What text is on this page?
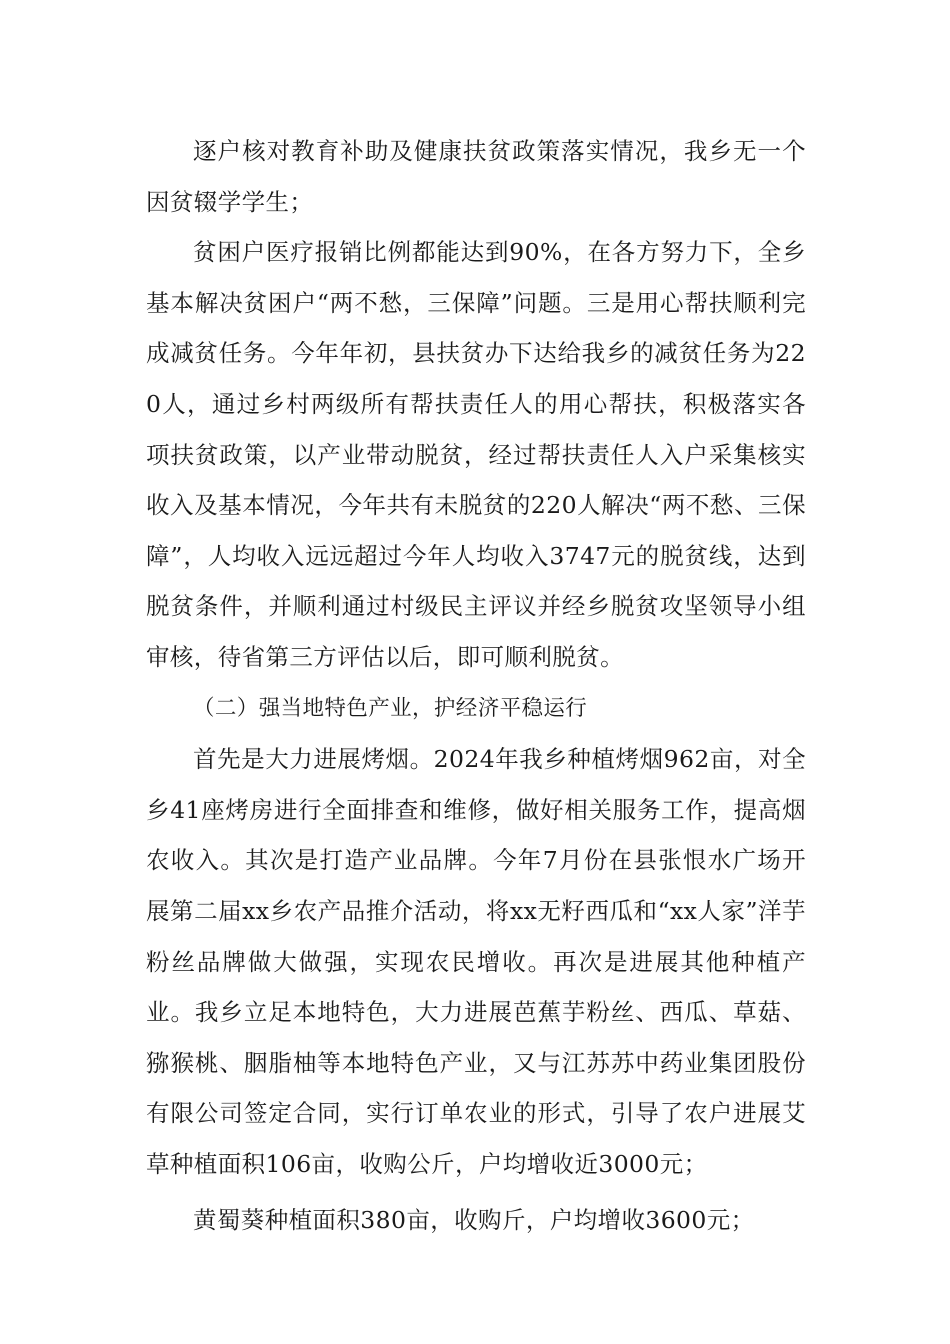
逐户核对教育补助及健康扶贫政策落实情况，我乡无一个因贫辍学学生；

贫困户医疗报销比例都能达到90%，在各方努力下，全乡基本解决贫困户“两不愁，三保障”问题。三是用心帮扶顺利完成减贫任务。今年年初，县扶贫办下达给我乡的减贫任务为220人，通过乡村两级所有帮扶责任人的用心帮扶，积极落实各项扶贫政策，以产业带动脱贫，经过帮扶责任人入户采集核实收入及基本情况，今年共有未脱贫的220人解决“两不愁、三保障”，人均收入远远超过今年人均收入3747元的脱贫线，达到脱贫条件，并顺利通过村级民主评议并经乡脱贫攻坚领导小组审核，待省第三方评估以后，即可顺利脱贫。

（二）强当地特色产业，护经济平稳运行

首先是大力进展烤烟。2024年我乡种植烤烟962亩，对全乡41座烤房进行全面排查和维修，做好相关服务工作，提高烟农收入。其次是打造产业品牌。今年7月份在县张恨水广场开展第二届xx乡农产品推介活动，将xx无籽西瓜和“xx人家”洋芋粉丝品牌做大做强，实现农民增收。再次是进展其他种植产业。我乡立足本地特色，大力进展芭蕉芋粉丝、西瓜、草菇、猕猴桃、胭脂柚等本地特色产业，又与江苏苏中药业集团股份有限公司签定合同，实行订单农业的形式，引导了农户进展艾草种植面积106亩，收购公斤，户均增收近3000元；

黄蜀葵种植面积380亩，收购斤，户均增收3600元；
